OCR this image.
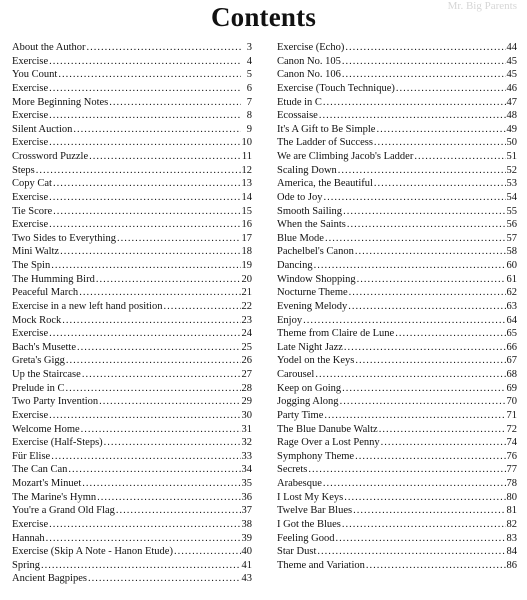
Mr. Big Parents
Contents
About the Author .....	3
Exercise .....	4
You Count .....	5
Exercise .....	6
More Beginning Notes .....	7
Exercise .....	8
Silent Auction .....	9
Exercise .....	10
Crossword Puzzle .....	11
Steps .....	12
Copy Cat .....	13
Exercise .....	14
Tie Score .....	15
Exercise .....	16
Two Sides to Everything .....	17
Mini Waltz .....	18
The Spin .....	19
The Humming Bird .....	20
Peaceful March .....	21
Exercise in a new left hand position .....	22
Mock Rock .....	23
Exercise .....	24
Bach's Musette .....	25
Greta's Gigg .....	26
Up the Staircase .....	27
Prelude in C .....	28
Two Party Invention .....	29
Exercise .....	30
Welcome Home .....	31
Exercise (Half-Steps) .....	32
Für Elise .....	33
The Can Can .....	34
Mozart's Minuet .....	35
The Marine's Hymn .....	36
You're a Grand Old Flag .....	37
Exercise .....	38
Hannah .....	39
Exercise (Skip A Note - Hanon Etude) .....	40
Spring .....	41
Ancient Bagpipes .....	43
Exercise (Echo) .....	44
Canon No. 105 .....	45
Canon No. 106 .....	45
Exercise (Touch Technique) .....	46
Etude in C .....	47
Ecossaise .....	48
It's A Gift to Be Simple .....	49
The Ladder of Success .....	50
We are Climbing Jacob's Ladder .....	51
Scaling Down .....	52
America, the Beautiful .....	53
Ode to Joy .....	54
Smooth Sailing .....	55
When the Saints .....	56
Blue Mode .....	57
Pachelbel's Canon .....	58
Dancing .....	60
Window Shopping .....	61
Nocturne Theme .....	62
Evening Melody .....	63
Enjoy .....	64
Theme from Claire de Lune .....	65
Late Night Jazz .....	66
Yodel on the Keys .....	67
Carousel .....	68
Keep on Going .....	69
Jogging Along .....	70
Party Time .....	71
The Blue Danube Waltz .....	72
Rage Over a Lost Penny .....	74
Symphony Theme .....	76
Secrets .....	77
Arabesque .....	78
I Lost My Keys .....	80
Twelve Bar Blues .....	81
I Got the Blues .....	82
Feeling Good .....	83
Star Dust .....	84
Theme and Variation .....	86
